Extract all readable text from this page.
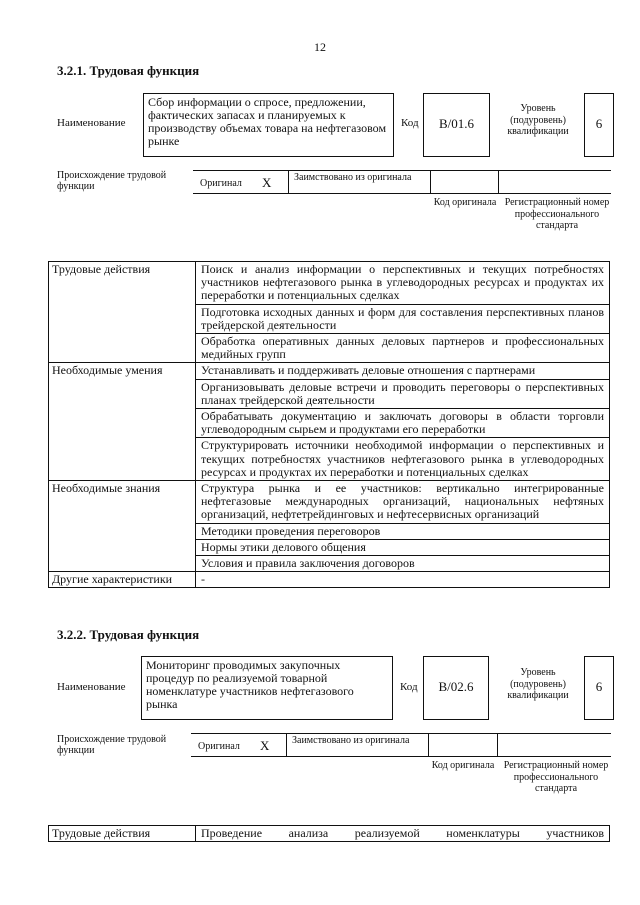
12
3.2.1. Трудовая функция
Наименование
Сбор информации о спросе, предложении, фактических запасах и планируемых к производству объемах товара на нефтегазовом рынке
Код	B/01.6
Уровень (подуровень) квалификации
6
Происхождение трудовой функции	Оригинал X Заимствовано из оригинала
Код оригинала Регистрационный номер профессионального стандарта
Трудовые действия	Поиск и анализ информации о перспективных и текущих потребностях участников нефтегазового рынка в углеводородных ресурсах и продуктах их переработки и потенциальных сделках
	Подготовка исходных данных и форм для составления перспективных планов трейдерской деятельности
	Обработка оперативных данных деловых партнеров и профессиональных медийных групп
Необходимые умения	Устанавливать и поддерживать деловые отношения с партнерами
	Организовывать деловые встречи и проводить переговоры о перспективных планах трейдерской деятельности
	Обрабатывать документацию и заключать договоры в области торговли углеводородным сырьем и продуктами его переработки
	Структурировать источники необходимой информации о перспективных и текущих потребностях участников нефтегазового рынка в углеводородных ресурсах и продуктах их переработки и потенциальных сделках
Необходимые знания	Структура рынка и ее участников: вертикально интегрированные нефтегазовые международных организаций, национальных нефтяных организаций, нефтетрейдинговых и нефтесервисных организаций
	Методики проведения переговоров
	Нормы этики делового общения
	Условия и правила заключения договоров
Другие характеристики	-
3.2.2. Трудовая функция
Наименование
Мониторинг проводимых закупочных процедур по реализуемой товарной номенклатуре участников нефтегазового рынка
Код	B/02.6
Уровень (подуровень) квалификации
6
Происхождение трудовой функции	Оригинал X Заимствовано из оригинала
Код оригинала Регистрационный номер профессионального стандарта
Трудовые действия	Проведение анализа реализуемой номенклатуры участников
